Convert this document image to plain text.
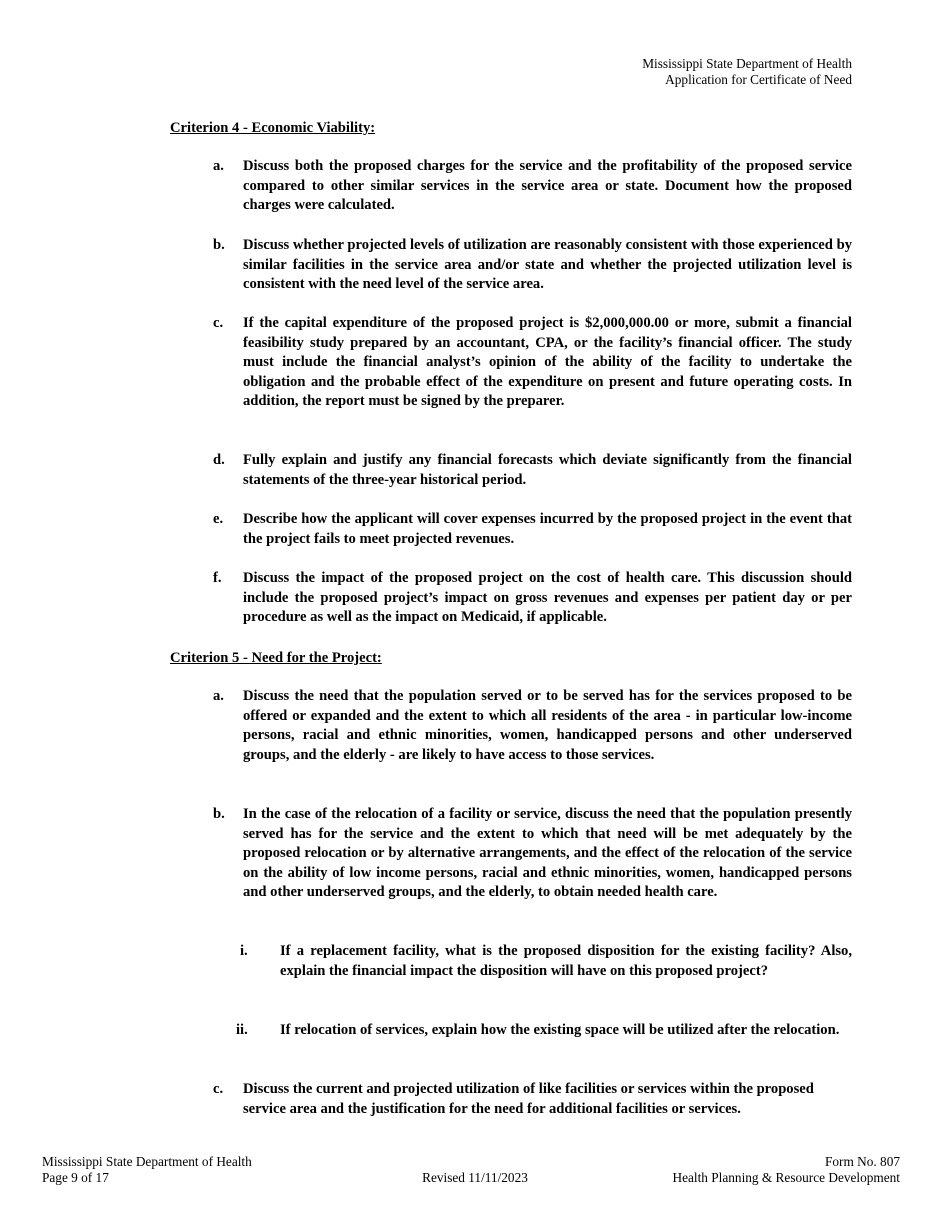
Mississippi State Department of Health
Application for Certificate of Need
Criterion 4 - Economic Viability:
a. Discuss both the proposed charges for the service and the profitability of the proposed service compared to other similar services in the service area or state. Document how the proposed charges were calculated.
b. Discuss whether projected levels of utilization are reasonably consistent with those experienced by similar facilities in the service area and/or state and whether the projected utilization level is consistent with the need level of the service area.
c. If the capital expenditure of the proposed project is $2,000,000.00 or more, submit a financial feasibility study prepared by an accountant, CPA, or the facility’s financial officer. The study must include the financial analyst’s opinion of the ability of the facility to undertake the obligation and the probable effect of the expenditure on present and future operating costs. In addition, the report must be signed by the preparer.
d. Fully explain and justify any financial forecasts which deviate significantly from the financial statements of the three-year historical period.
e. Describe how the applicant will cover expenses incurred by the proposed project in the event that the project fails to meet projected revenues.
f. Discuss the impact of the proposed project on the cost of health care. This discussion should include the proposed project’s impact on gross revenues and expenses per patient day or per procedure as well as the impact on Medicaid, if applicable.
Criterion 5 - Need for the Project:
a. Discuss the need that the population served or to be served has for the services proposed to be offered or expanded and the extent to which all residents of the area - in particular low-income persons, racial and ethnic minorities, women, handicapped persons and other underserved groups, and the elderly - are likely to have access to those services.
b. In the case of the relocation of a facility or service, discuss the need that the population presently served has for the service and the extent to which that need will be met adequately by the proposed relocation or by alternative arrangements, and the effect of the relocation of the service on the ability of low income persons, racial and ethnic minorities, women, handicapped persons and other underserved groups, and the elderly, to obtain needed health care.
i. If a replacement facility, what is the proposed disposition for the existing facility? Also, explain the financial impact the disposition will have on this proposed project?
ii. If relocation of services, explain how the existing space will be utilized after the relocation.
c. Discuss the current and projected utilization of like facilities or services within the proposed service area and the justification for the need for additional facilities or services.
Mississippi State Department of Health
Page 9 of 17	Revised 11/11/2023
Form No. 807
Health Planning & Resource Development
